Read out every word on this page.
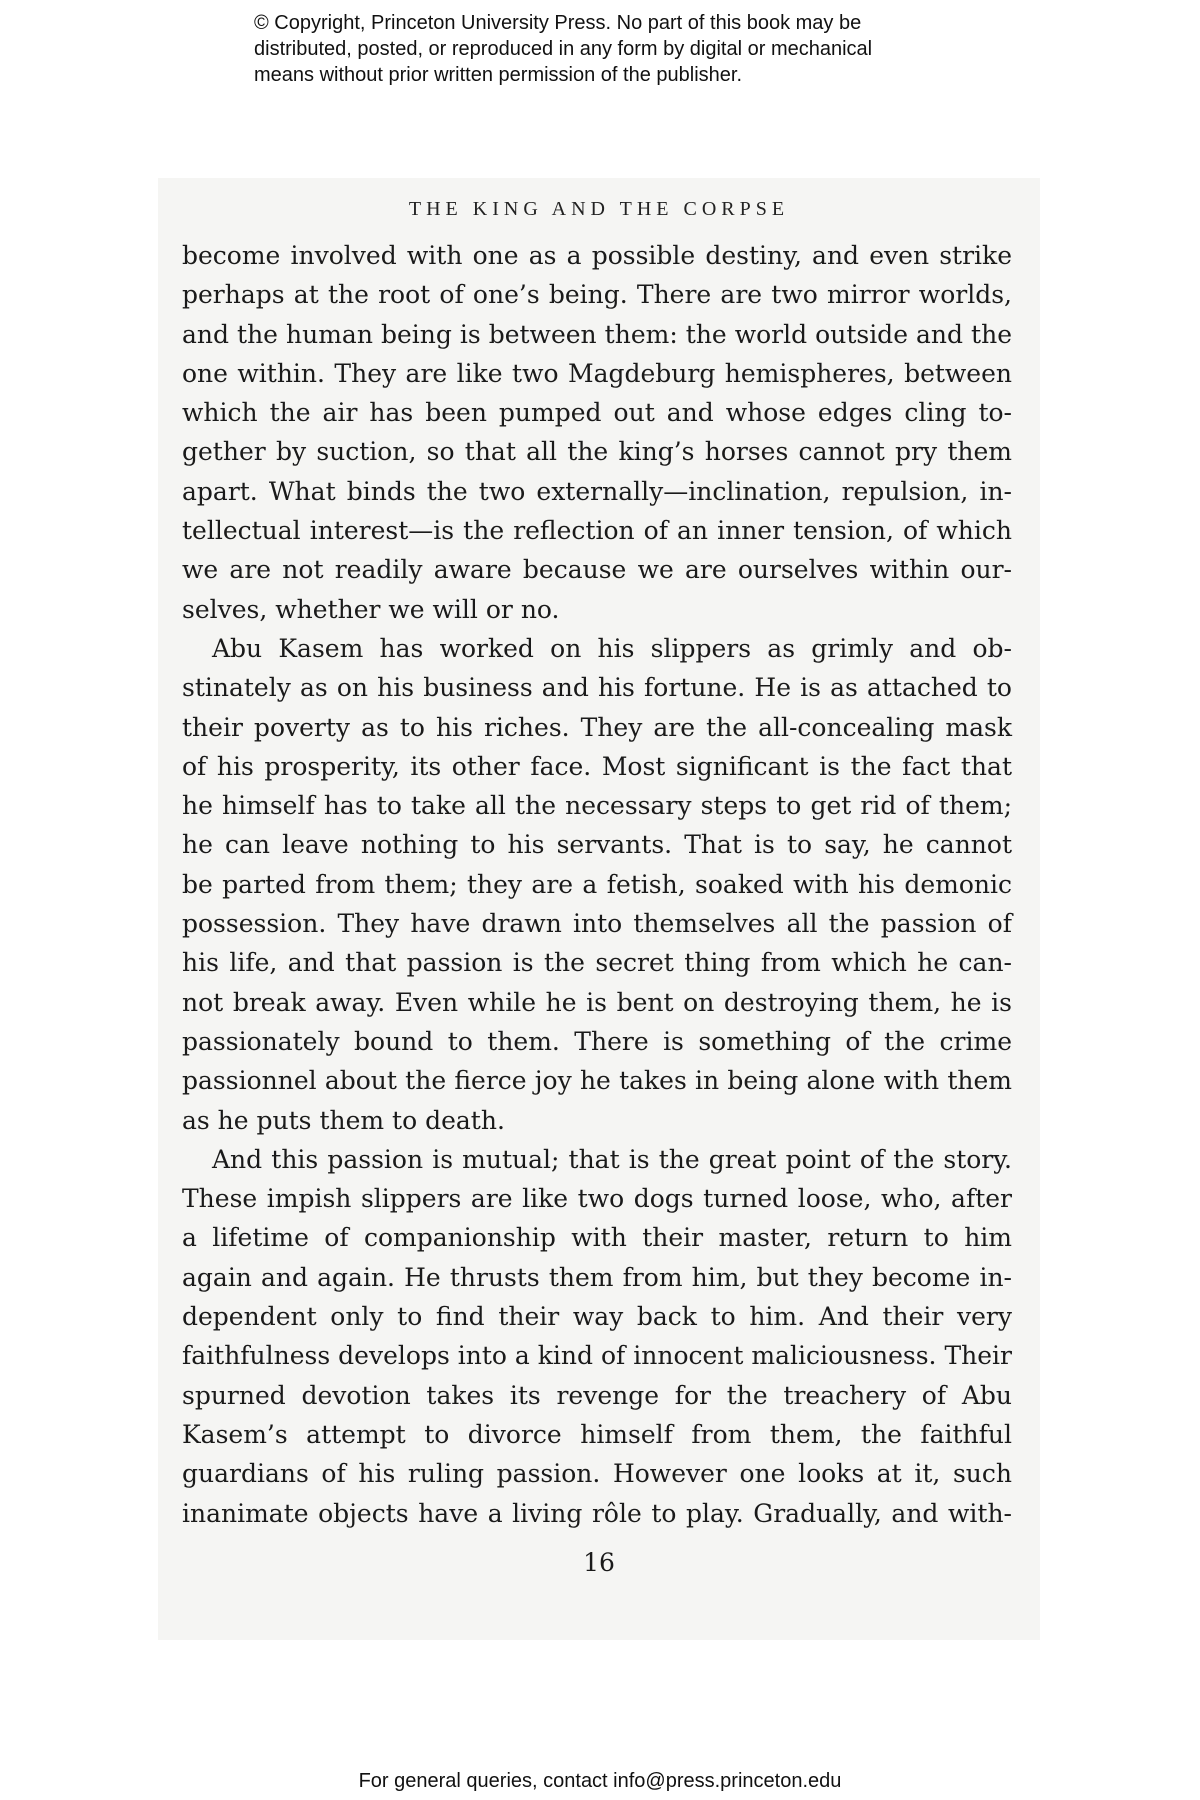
© Copyright, Princeton University Press. No part of this book may be
distributed, posted, or reproduced in any form by digital or mechanical
means without prior written permission of the publisher.
THE KING AND THE CORPSE
become involved with one as a possible destiny, and even strike
perhaps at the root of one’s being. There are two mirror worlds,
and the human being is between them: the world outside and the
one within. They are like two Magdeburg hemispheres, between
which the air has been pumped out and whose edges cling to-
gether by suction, so that all the king’s horses cannot pry them
apart. What binds the two externally—inclination, repulsion, in-
tellectual interest—is the reflection of an inner tension, of which
we are not readily aware because we are ourselves within our-
selves, whether we will or no.
Abu Kasem has worked on his slippers as grimly and ob-
stinately as on his business and his fortune. He is as attached to
their poverty as to his riches. They are the all-concealing mask
of his prosperity, its other face. Most significant is the fact that
he himself has to take all the necessary steps to get rid of them;
he can leave nothing to his servants. That is to say, he cannot
be parted from them; they are a fetish, soaked with his demonic
possession. They have drawn into themselves all the passion of
his life, and that passion is the secret thing from which he can-
not break away. Even while he is bent on destroying them, he is
passionately bound to them. There is something of the crime
passionnel about the fierce joy he takes in being alone with them
as he puts them to death.
And this passion is mutual; that is the great point of the story.
These impish slippers are like two dogs turned loose, who, after
a lifetime of companionship with their master, return to him
again and again. He thrusts them from him, but they become in-
dependent only to find their way back to him. And their very
faithfulness develops into a kind of innocent maliciousness. Their
spurned devotion takes its revenge for the treachery of Abu
Kasem’s attempt to divorce himself from them, the faithful
guardians of his ruling passion. However one looks at it, such
inanimate objects have a living rôle to play. Gradually, and with-
16
For general queries, contact info@press.princeton.edu
